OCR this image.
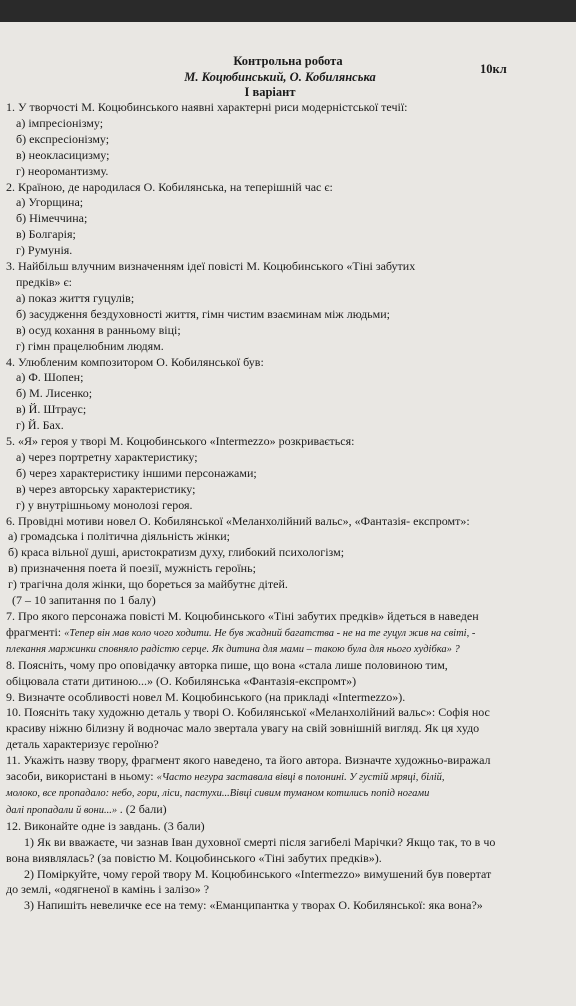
Контрольна робота
10кл
М. Коцюбинський, О. Кобилянська
І варіант
1. У творчості М. Коцюбинського наявні характерні риси модерністської течії:
а) імпресіонізму;
б) експресіонізму;
в) неокласицизму;
г) неоромантизму.
2. Країною, де народилася О. Кобилянська, на теперішній час є:
а) Угорщина;
б) Німеччина;
в) Болгарія;
г) Румунія.
3. Найбільш влучним визначенням ідеї повісті М. Коцюбинського «Тіні забутих
предків» є:
а) показ життя гуцулів;
б) засудження бездуховності життя, гімн чистим взаєминам між людьми;
в) осуд кохання в ранньому віці;
г) гімн працелюбним людям.
4. Улюбленим композитором О. Кобилянської був:
а) Ф. Шопен;
б) М. Лисенко;
в) Й. Штраус;
г) Й. Бах.
5. «Я» героя у творі М. Коцюбинського «Intermezzo» розкривається:
а) через портретну характеристику;
б) через характеристику іншими персонажами;
в) через авторську характеристику;
г) у внутрішньому монолозі героя.
6. Провідні мотиви новел О. Кобилянської «Меланхолійний вальс», «Фантазія- експромт»:
а) громадська і політична діяльність жінки;
б) краса вільної душі, аристократизм духу, глибокий психологізм;
в) призначення поета й поезії, мужність героїнь;
г) трагічна доля жінки, що бореться за майбутнє дітей.
(7 – 10 запитання по 1 балу)
7. Про якого персонажа повісті М. Коцюбинського «Тіні забутих предків» йдеться в наведен
фрагменті: «Тепер він мав коло чого ходити. Не був жадний багатства - не на те гуцул жив на світі, -
плекання маржинки сповняло радістю серце. Як дитина для мами – такою була для нього худібка» ?
8. Поясніть, чому про оповідачку авторка пише, що вона «стала лише половиною тим,
обіцювала стати дитиною...» (О. Кобилянська «Фантазія-експромт»)
9. Визначте особливості новел М. Коцюбинського (на прикладі «Intermezzo»).
10. Поясніть таку художню деталь у творі О. Кобилянської «Меланхолійний вальс»: Софія нос
красиву ніжню білизну й водночас мало звертала увагу на свій зовнішній вигляд. Як ця худо
деталь характеризує героїню?
11. Укажіть назву твору, фрагмент якого наведено, та його автора. Визначте художньо-виражал
засоби, використані в ньому: «Часто негура заставала вівці в полонині. У густій мряці, білій,
молоко, все пропадало: небо, гори, ліси, пастухи...Вівці сивим туманом котились попід ногами
далі пропадали й вони...» . (2 бали)
12. Виконайте одне із завдань. (3 бали)
1) Як ви вважаєте, чи зазнав Іван духовної смерті після загибелі Марічки? Якщо так, то в чо
вона виявлялась? (за повістю М. Коцюбинського «Тіні забутих предків»).
2) Поміркуйте, чому герой твору М. Коцюбинського «Intermezzo» вимушений був повертат
до землі, «одягненої в камінь і залізо» ?
3) Напишіть невеличке есе на тему: «Еманципантка у творах О. Кобилянської: яка вона?»
